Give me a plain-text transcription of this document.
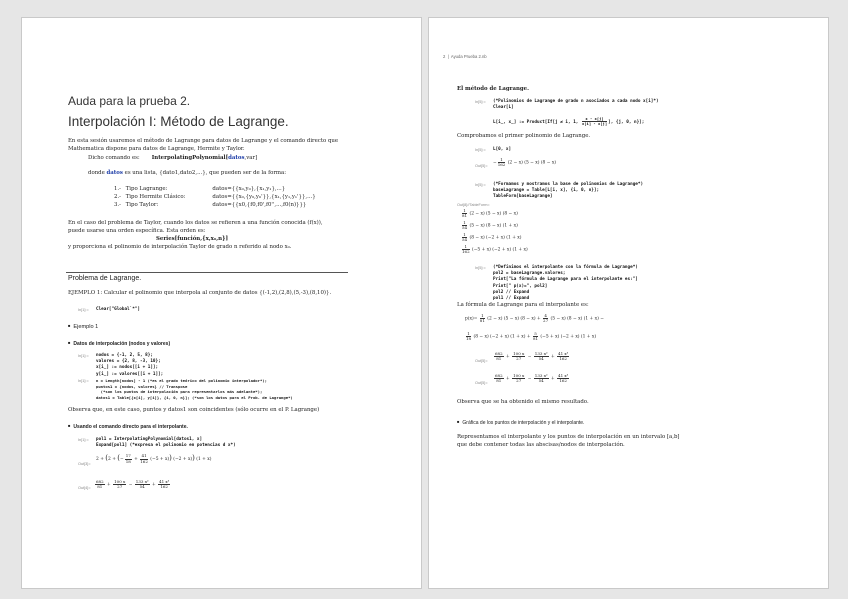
Auda para la prueba 2.
Interpolación I: Método de Lagrange.
En esta sesión usaremos el método de Lagrange para datos de Lagrange y el comando directo que
Mathematica dispone para datos de Lagrange, Hermite y Taylor.
Dicho comando es: InterpolatingPolynomial[datos,var]
donde datos es una lista, {dato1,dato2,...}, que pueden ser de la forma:
1.- Tipo Lagrange:	datos={{x₀,y₀},{x₁,y₁},...}
2.- Tipo Hermite Clásico:	datos={{x₀,{y₀,y₀'}},{x₁,{y₁,y₁'}},...}
3.- Tipo Taylor:	datos={{x0,{f0,f0',f0'',...,f0(n)}}}
En el caso del problema de Taylor, cuando los datos se refieren a una función conocida (f(x)),
puede usarse una orden específica. Esta orden es:
Series[función,{x,x₀,n}]
y proporciona el polinomio de interpolación Taylor de grado n referido al nodo x₀.
Problema de Lagrange.
EJEMPLO 1: Calcular el polinomio que interpola al conjunto de datos {(-1,2),(2,8),(5,-3),(8,10)}.
In[1]:= Clear["Global`*"]
■ Ejemplo 1
■ Datos de interpolación (nodos y valores)
In[1]:= nodos = {-1, 2, 5, 8};
valores = {2, 8, -3, 10};
x[i_] := nodos[[i + 1]];
y[i_] := valores[[i + 1]];
In[1]:= n = Length[nodos] - 1 (*es el grado teórico del polinomio interpolador*);
puntos1 = {nodos, valores} // Transpose
(*son los puntos de interpolación para representarlos más adelante*);
datos1 = Table[{x[i], y[i]}, {i, 0, n}]; (*son los datos para el Prob. de Lagrange*)
Observa que, en este caso, puntos y datos1 son coincidentes (sólo ocurre en el P. Lagrange)
■ Usando el comando directo para el interpolante.
In[1]:= pol1 = InterpolatingPolynomial[datos1, x]
Expand[pol1] (*expresa el polinomio en potencias d x*)
Out[3]=
2 + (2 + (− $\frac{17}{18} + \frac{41}{162} (-5 + x)$) (−2 + x)) (1 + x)
$Out[4]= \frac{682}{81} + \frac{100 x}{27} - \frac{\text{133 x²}}{54} + \frac{\text{41 x³}}{162}$
2  |  Ayuda Prueba 2.nb
El método de Lagrange.
In[5]:= (*Polinomios de Lagrange de grado n asociados a cada nodo x[i]*)
Clear[L]
L[i_, x_] := Product[If[j ≠ i, 1, $\frac{x - x[j]}{x[i] - x[j]}$ ], {j, 0, n}];
Comprobamos el primer polinomio de Lagrange.
In[5]:= L[0, x]
Out[5]=
− $\frac{1}{162} (2 - x) (5 - x) (8 - x)$
In[5]:= (*Formamos y mostramos la base de polinomios de Lagrange*)
baseLagrange = Table[L[i, x], {i, 0, n}];
TableForm[baseLagrange]
Out[8]//TableForm=
$\frac{1}{81} (2 - x) (5 - x) (8 - x)$
$\frac{1}{54} (5 - x) (8 - x) (1 + x)$
$\frac{1}{54} (8 - x) (-2 + x) (1 + x)$
$\frac{1}{162} (-5 + x) (-2 + x) (1 + x)$
In[5]:= (*Definimos el interpolante con la fórmula de Lagrange*)
pol2 = baseLagrange.valores;
Print["La fórmula de Lagrange para el interpolante es:"]
Print[" p(x)=", pol2]
pol2 // Expand
pol1 // Expand
La fórmula de Lagrange para el interpolante es:
$p(x)= \frac{1}{81} (2 - x) (5 - x) (8 - x) + \frac{4}{27} (5 - x) (8 - x) (1 + x)$ −
$\frac{1}{18} (8 - x) (-2 + x) (1 + x) + \frac{5}{81} (-5 + x) (-2 + x) (1 + x)$
$Out[5]= \frac{682}{81} + \frac{100 x}{27} - \frac{\text{133 x²}}{54} + \frac{\text{41 x³}}{162}$
$Out[5]= \frac{682}{81} + \frac{100 x}{27} - \frac{\text{133 x²}}{54} + \frac{\text{41 x³}}{162}$
Observa que se ha obtenido el mismo resultado.
■ Gráfica de los puntos de interpolación y el interpolante.
Representamos el interpolante y los puntos de interpolación en un intervalo [a,b]
que debe contener todas las abscisas/nodos de interpolación.
